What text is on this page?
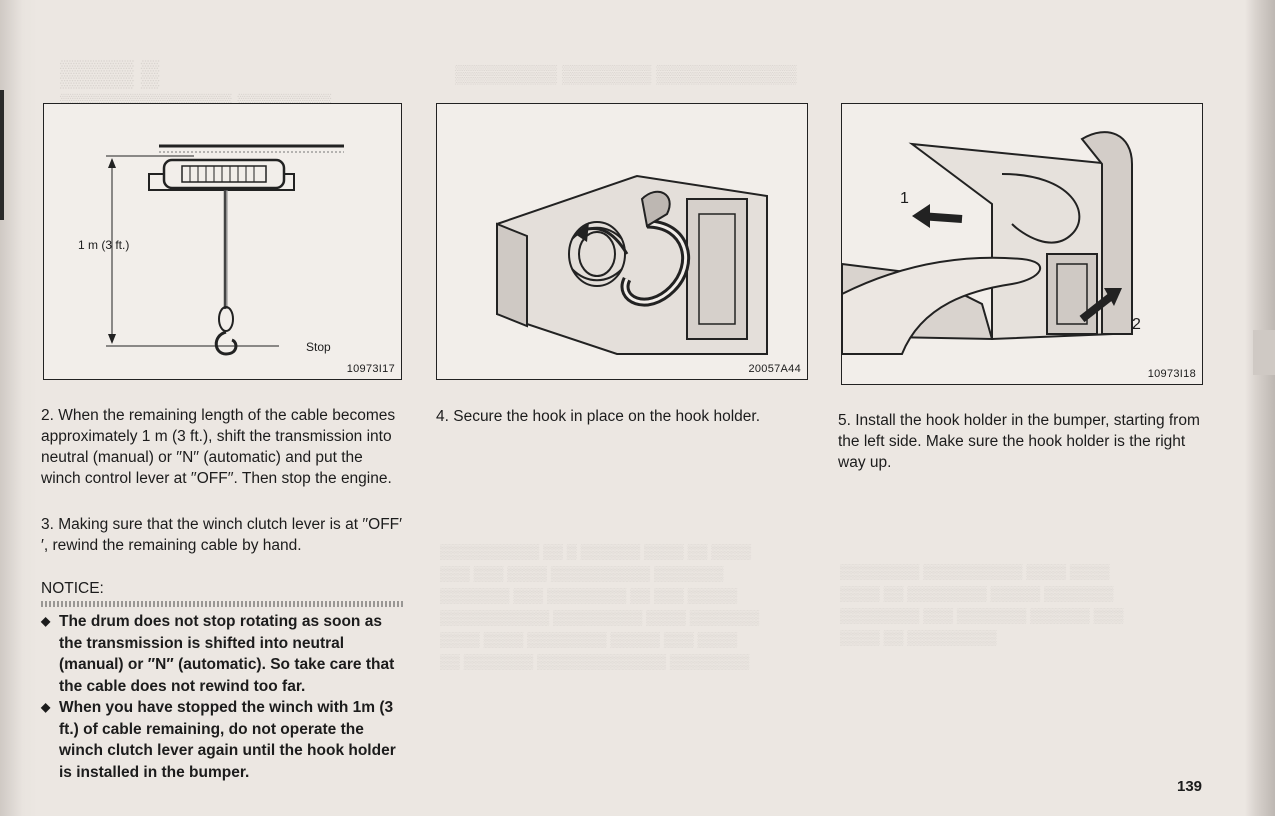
▒▒▒▒ ▒	▒▒▒▒▒▒▒▒ ▒▒▒▒▒▒▒ ▒▒▒▒▒▒▒▒▒▒▒
▒▒▒▒▒▒▒▒▒▒ ▒▒ ▒ ▒▒▒▒▒▒ ▒▒▒▒ ▒▒ ▒▒▒▒
▒▒▒ ▒▒▒ ▒▒▒▒ ▒▒▒▒▒▒▒▒▒▒ ▒▒▒▒▒▒▒
▒▒▒▒▒▒▒ ▒▒▒ ▒▒▒▒▒▒▒▒ ▒▒ ▒▒▒ ▒▒▒▒▒
▒▒▒▒▒▒▒▒▒▒▒ ▒▒▒▒▒▒▒▒▒ ▒▒▒▒ ▒▒▒▒▒▒▒
▒▒▒▒ ▒▒▒▒ ▒▒▒▒▒▒▒▒ ▒▒▒▒▒ ▒▒▒ ▒▒▒▒
▒▒ ▒▒▒▒▒▒▒ ▒▒▒▒▒▒▒▒▒▒▒▒▒ ▒▒▒▒▒▒▒▒
▒▒▒▒▒▒▒▒ ▒▒▒▒▒▒▒▒▒▒ ▒▒▒▒ ▒▒▒▒
▒▒▒▒ ▒▒ ▒▒▒▒▒▒▒▒ ▒▒▒▒▒ ▒▒▒▒▒▒▒
▒▒▒▒▒▒▒▒ ▒▒▒ ▒▒▒▒▒▒▒ ▒▒▒▒▒▒ ▒▒▒
▒▒▒▒ ▒▒ ▒▒▒▒▒▒▒▒▒
1 m (3 ft.)
Stop
10973I17	20057A44
1
2
10973I18
2. When the remaining length of the cable becomes approximately 1 m (3 ft.), shift the transmission into neutral (manual) or ′′N′′ (automatic) and put the winch control lever at ′′OFF′′. Then stop the engine.
3. Making sure that the winch clutch lever is at ′′OFF′′, rewind the remaining cable by hand.
NOTICE:
◆ The drum does not stop rotating as soon as the transmission is shifted into neutral (manual) or ′′N′′ (automatic). So take care that the cable does not rewind too far.
◆ When you have stopped the winch with 1m (3 ft.) of cable remaining, do not operate the winch clutch lever again until the hook holder is installed in the bumper.
4. Secure the hook in place on the hook holder.	5. Install the hook holder in the bumper, starting from the left side. Make sure the hook holder is the right way up.
139
